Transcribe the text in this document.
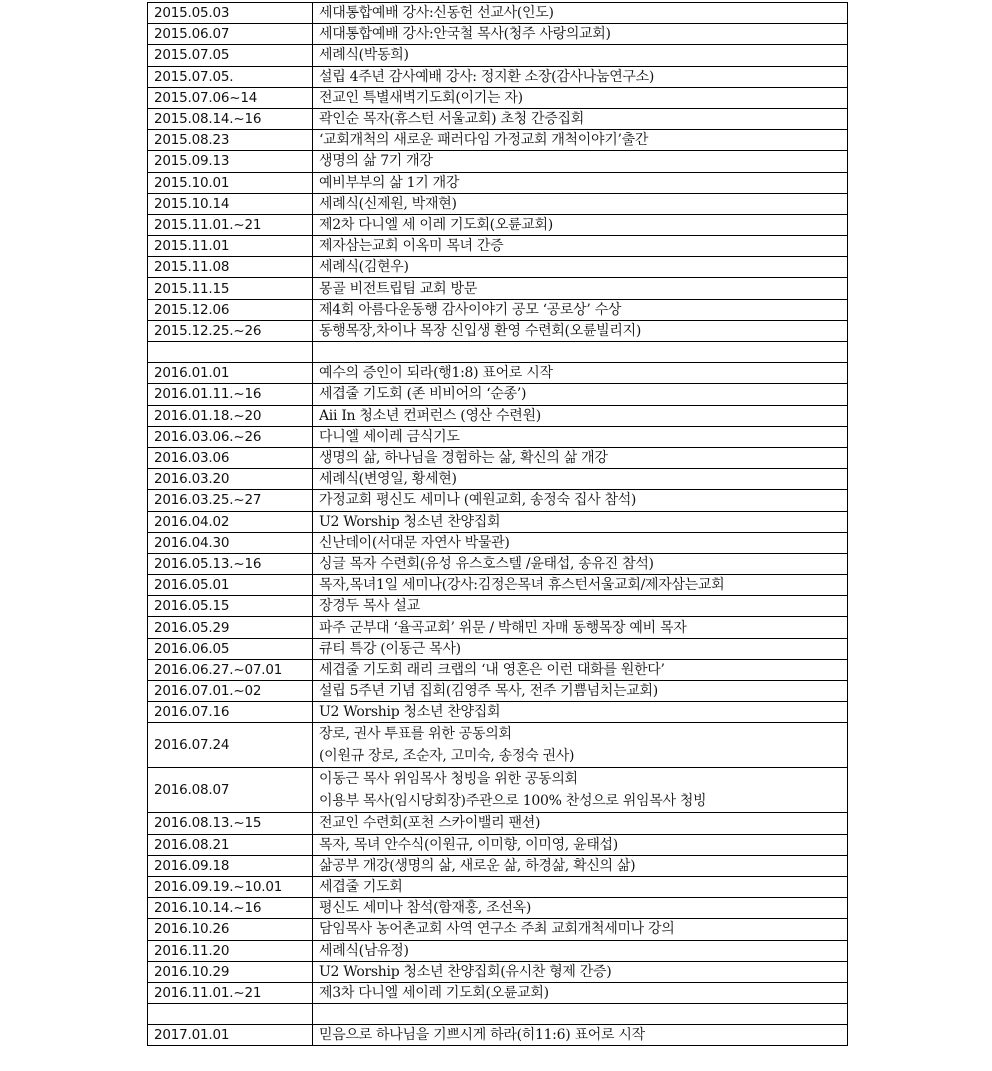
2015.05.03	세대통합예배 강사:신동헌 선교사(인도)

2015.06.07	세대통합예배 강사:안국철 목사(청주 사랑의교회)

2015.07.05	세례식(박동희)

2015.07.05.	설립 4주년 감사예배 강사: 정지환 소장(감사나눔연구소)

2015.07.06~14	전교인 특별새벽기도회(이기는 자)

2015.08.14.~16	곽인순 목자(휴스턴 서울교회) 초청 간증집회

2015.08.23	‘교회개척의 새로운 패러다임 가정교회 개척이야기’출간

2015.09.13	생명의 삶 7기 개강

2015.10.01	예비부부의 삶 1기 개강

2015.10.14	세례식(신제원, 박재현)

2015.11.01.~21	제2차 다니엘 세 이레 기도회(오륜교회)

2015.11.01	제자삼는교회 이옥미 목녀 간증

2015.11.08	세례식(김현우)

2015.11.15	몽골 비전트립팀 교회 방문

2015.12.06	제4회 아름다운동행 감사이야기 공모 ‘공로상’ 수상

2015.12.25.~26	동행목장,차이나 목장 신입생 환영 수련회(오륜빌리지)

2016.01.01	예수의 증인이 되라(행1:8) 표어로 시작

2016.01.11.~16	세겹줄 기도회 (존 비비어의 ‘순종’)

2016.01.18.~20	Aii In 청소년 컨퍼런스 (영산 수련원)

2016.03.06.~26	다니엘 세이레 금식기도

2016.03.06	생명의 삶, 하나님을 경험하는 삶, 확신의 삶 개강

2016.03.20	세례식(변영일, 황세현)

2016.03.25.~27	가정교회 평신도 세미나 (예원교회, 송정숙 집사 참석)

2016.04.02	U2 Worship 청소년 찬양집회

2016.04.30	신난데이(서대문 자연사 박물관)

2016.05.13.~16	싱글 목자 수련회(유성 유스호스텔 /윤태섭, 송유진 참석)

2016.05.01	목자,목녀1일 세미나(강사:김정은목녀 휴스턴서울교회/제자삼는교회

2016.05.15	장경두 목사 설교

2016.05.29	파주 군부대 ‘율곡교회’ 위문 / 박해민 자매 동행목장 예비 목자

2016.06.05	큐티 특강 (이동근 목사)

2016.06.27.~07.01	세겹줄 기도회 래리 크랩의 ‘내 영혼은 이런 대화를 원한다’

2016.07.01.~02	설립 5주년 기념 집회(김영주 목사, 전주 기쁨넘치는교회)

2016.07.16	U2 Worship 청소년 찬양집회

2016.07.24	장로, 권사 투표를 위한 공동의회
(이원규 장로, 조순자, 고미숙, 송정숙 권사)

2016.08.07	이동근 목사 위임목사 청빙을 위한 공동의회
이용부 목사(임시당회장)주관으로 100% 찬성으로 위임목사 청빙

2016.08.13.~15	전교인 수련회(포천 스카이밸리 팬션)

2016.08.21	목자, 목녀 안수식(이원규, 이미향, 이미영, 윤태섭)

2016.09.18	삶공부 개강(생명의 삶, 새로운 삶, 하경삶, 확신의 삶)

2016.09.19.~10.01	세겹줄 기도회

2016.10.14.~16	평신도 세미나 참석(함재홍, 조선옥)

2016.10.26	담임목사 농어촌교회 사역 연구소 주최 교회개척세미나 강의

2016.11.20	세례식(남유정)

2016.10.29	U2 Worship 청소년 찬양집회(유시찬 형제 간증)

2016.11.01.~21	제3차 다니엘 세이레 기도회(오륜교회)

2017.01.01	믿음으로 하나님을 기쁘시게 하라(히11:6) 표어로 시작
